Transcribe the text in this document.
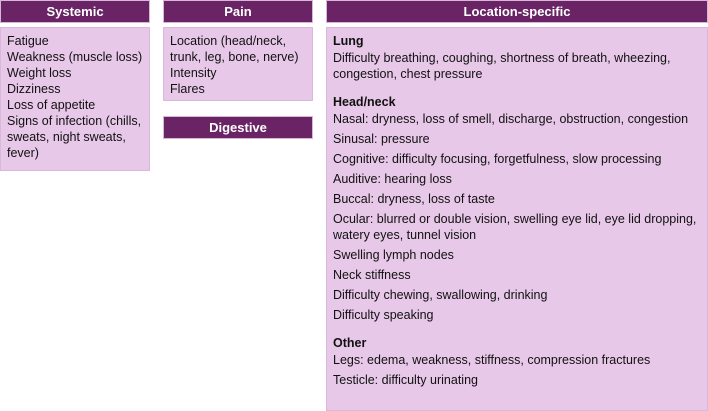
Systemic
Fatigue
Weakness (muscle loss)
Weight loss
Dizziness
Loss of appetite
Signs of infection (chills, sweats, night sweats, fever)
Pain
Location (head/neck, trunk, leg, bone, nerve)
Intensity
Flares
Digestive
Location-specific
Lung
Difficulty breathing, coughing, shortness of breath, wheezing, congestion, chest pressure
Head/neck
Nasal: dryness, loss of smell, discharge, obstruction, congestion
Sinusal: pressure
Cognitive: difficulty focusing, forgetfulness, slow processing
Auditive: hearing loss
Buccal: dryness, loss of taste
Ocular: blurred or double vision, swelling eye lid, eye lid dropping, watery eyes, tunnel vision
Swelling lymph nodes
Neck stiffness
Difficulty chewing, swallowing, drinking
Difficulty speaking
Other
Legs: edema, weakness, stiffness, compression fractures
Testicle: difficulty urinating
